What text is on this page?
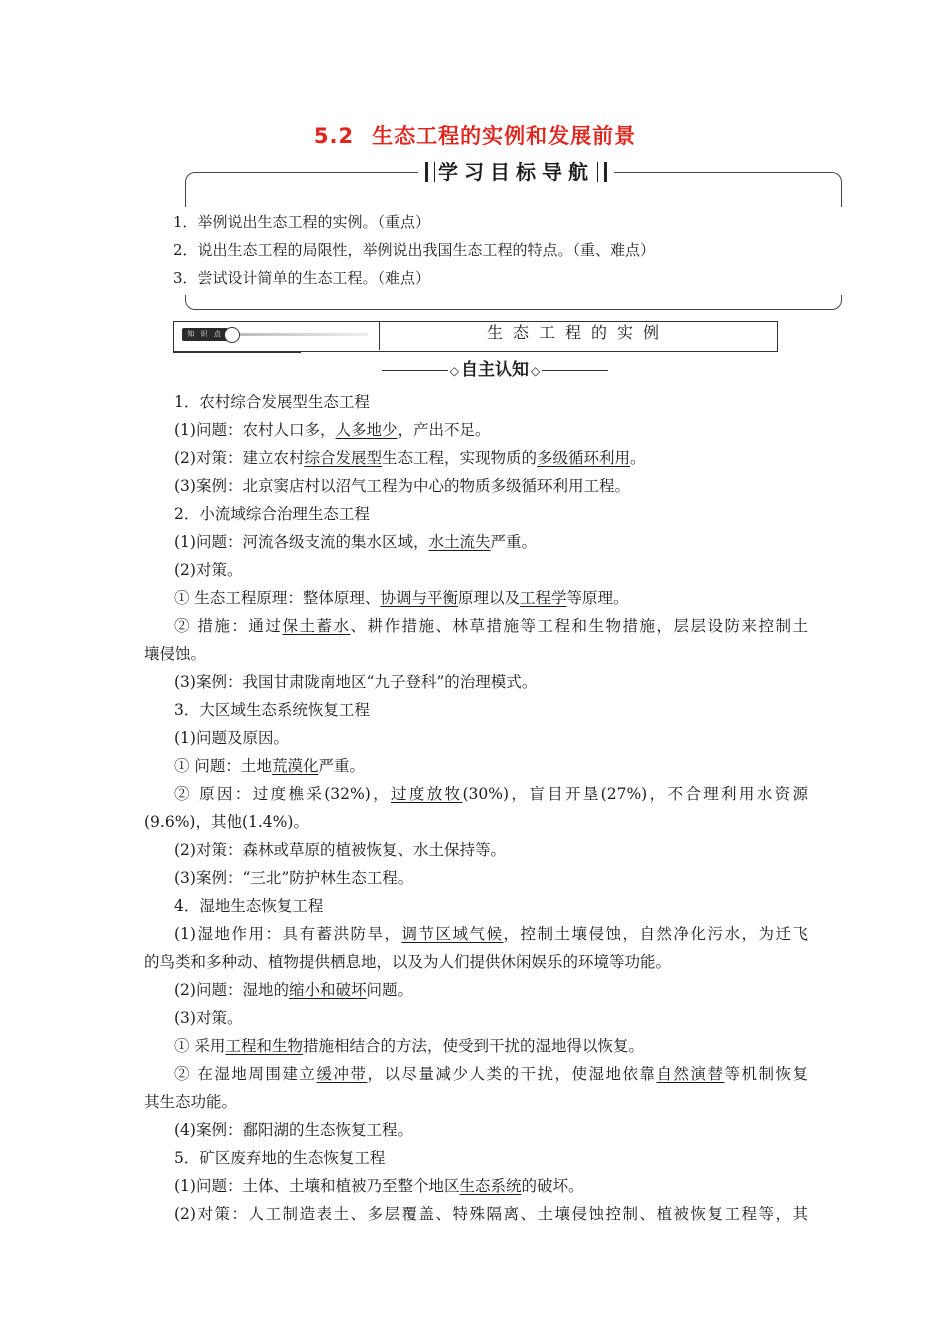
5.2 生态工程的实例和发展前景
学习目标导航
1．举例说出生态工程的实例。（重点）
2．说出生态工程的局限性，举例说出我国生态工程的特点。（重、难点）
3．尝试设计简单的生态工程。（难点）
知 识 点	生态工程的实例
◇ 自主认知 ◇
1．农村综合发展型生态工程
(1)问题：农村人口多，人多地少，产出不足。
(2)对策：建立农村综合发展型生态工程，实现物质的多级循环利用。
(3)案例：北京窦店村以沼气工程为中心的物质多级循环利用工程。
2．小流域综合治理生态工程
(1)问题：河流各级支流的集水区域，水土流失严重。
(2)对策。
① 生态工程原理：整体原理、协调与平衡原理以及工程学等原理。
② 措施：通过保土蓄水、耕作措施、林草措施等工程和生物措施，层层设防来控制土
壤侵蚀。
(3)案例：我国甘肃陇南地区“九子登科”的治理模式。
3．大区域生态系统恢复工程
(1)问题及原因。
① 问题：土地荒漠化严重。
② 原因：过度樵采(32%)，过度放牧(30%)，盲目开垦(27%)，不合理利用水资源
(9.6%)，其他(1.4%)。
(2)对策：森林或草原的植被恢复、水土保持等。
(3)案例：“三北”防护林生态工程。
4．湿地生态恢复工程
(1)湿地作用：具有蓄洪防旱，调节区域气候，控制土壤侵蚀，自然净化污水，为迁飞
的鸟类和多种动、植物提供栖息地，以及为人们提供休闲娱乐的环境等功能。
(2)问题：湿地的缩小和破坏问题。
(3)对策。
① 采用工程和生物措施相结合的方法，使受到干扰的湿地得以恢复。
② 在湿地周围建立缓冲带，以尽量减少人类的干扰，使湿地依靠自然演替等机制恢复
其生态功能。
(4)案例：鄱阳湖的生态恢复工程。
5．矿区废弃地的生态恢复工程
(1)问题：土体、土壤和植被乃至整个地区生态系统的破坏。
(2)对策：人工制造表土、多层覆盖、特殊隔离、土壤侵蚀控制、植被恢复工程等，其
